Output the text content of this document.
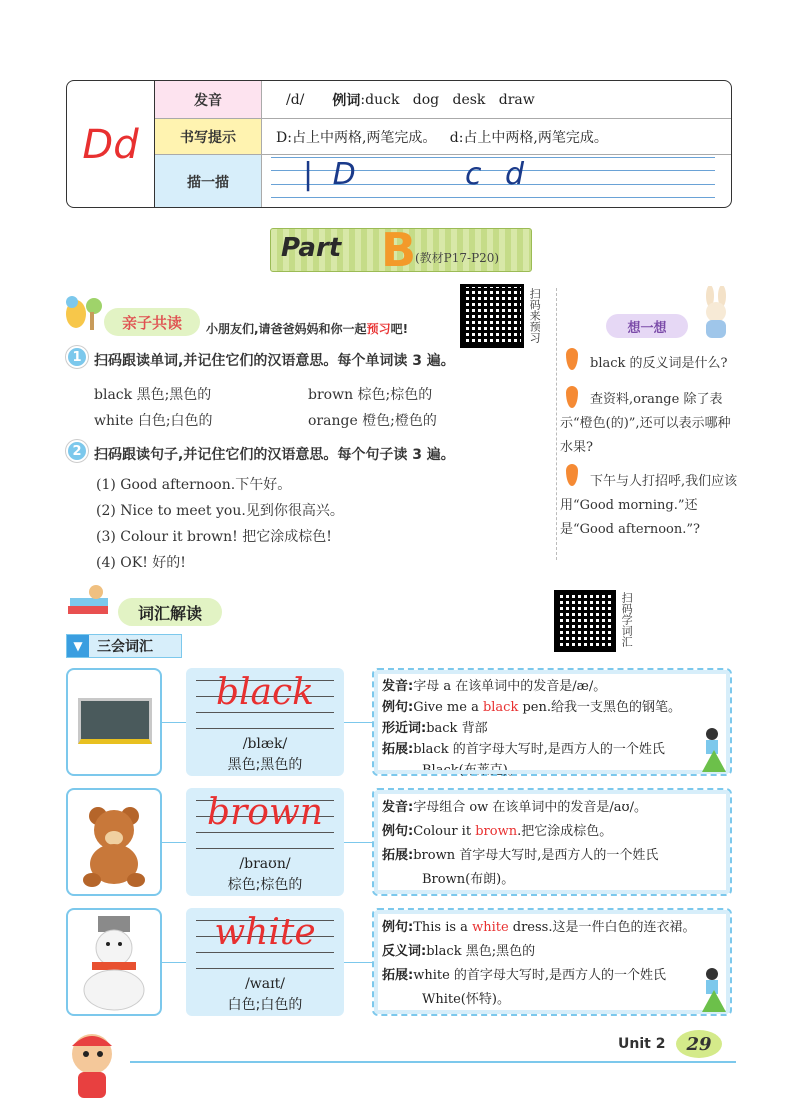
Dd
发音	/d/ 例词 :duck   dog   desk   draw
书写提示	D:占上中两格,两笔完成。   d:占上中两格,两笔完成。
描一描	| D	c d
Part B
(教材P17-P20)
亲子共读	小朋友们,请爸爸妈妈和你一起预习吧!	扫码来预习
1 扫码跟读单词,并记住它们的汉语意思。每个单词读 3 遍。
black 黑色;黑色的	brown 棕色;棕色的
white 白色;白色的	orange 橙色;橙色的
2 扫码跟读句子,并记住它们的汉语意思。每个句子读 3 遍。
(1) Good afternoon.下午好。
(2) Nice to meet you.见到你很高兴。
(3) Colour it brown! 把它涂成棕色!
(4) OK! 好的!
想一想
black 的反义词是什么?
查资料,orange 除了表示“橙色(的)”,还可以表示哪种水果?
下午与人打招呼,我们应该用“Good morning.”还是“Good afternoon.”?
词汇解读	扫码学词汇
▼	三会词汇
black
/blæk/
黑色;黑色的
发音:字母 a 在该单词中的发音是/æ/。
例句:Give me a black pen.给我一支黑色的钢笔。
形近词:back 背部
拓展:black 的首字母大写时,是西方人的一个姓氏 Black(布莱克)。
brown
/braʊn/
棕色;棕色的
发音:字母组合 ow 在该单词中的发音是/aʊ/。
例句:Colour it brown.把它涂成棕色。
拓展:brown 首字母大写时,是西方人的一个姓氏 Brown(布朗)。
white
/waɪt/
白色;白色的
例句:This is a white dress.这是一件白色的连衣裙。
反义词:black 黑色;黑色的
拓展:white 的首字母大写时,是西方人的一个姓氏 White(怀特)。
Unit 2	29
